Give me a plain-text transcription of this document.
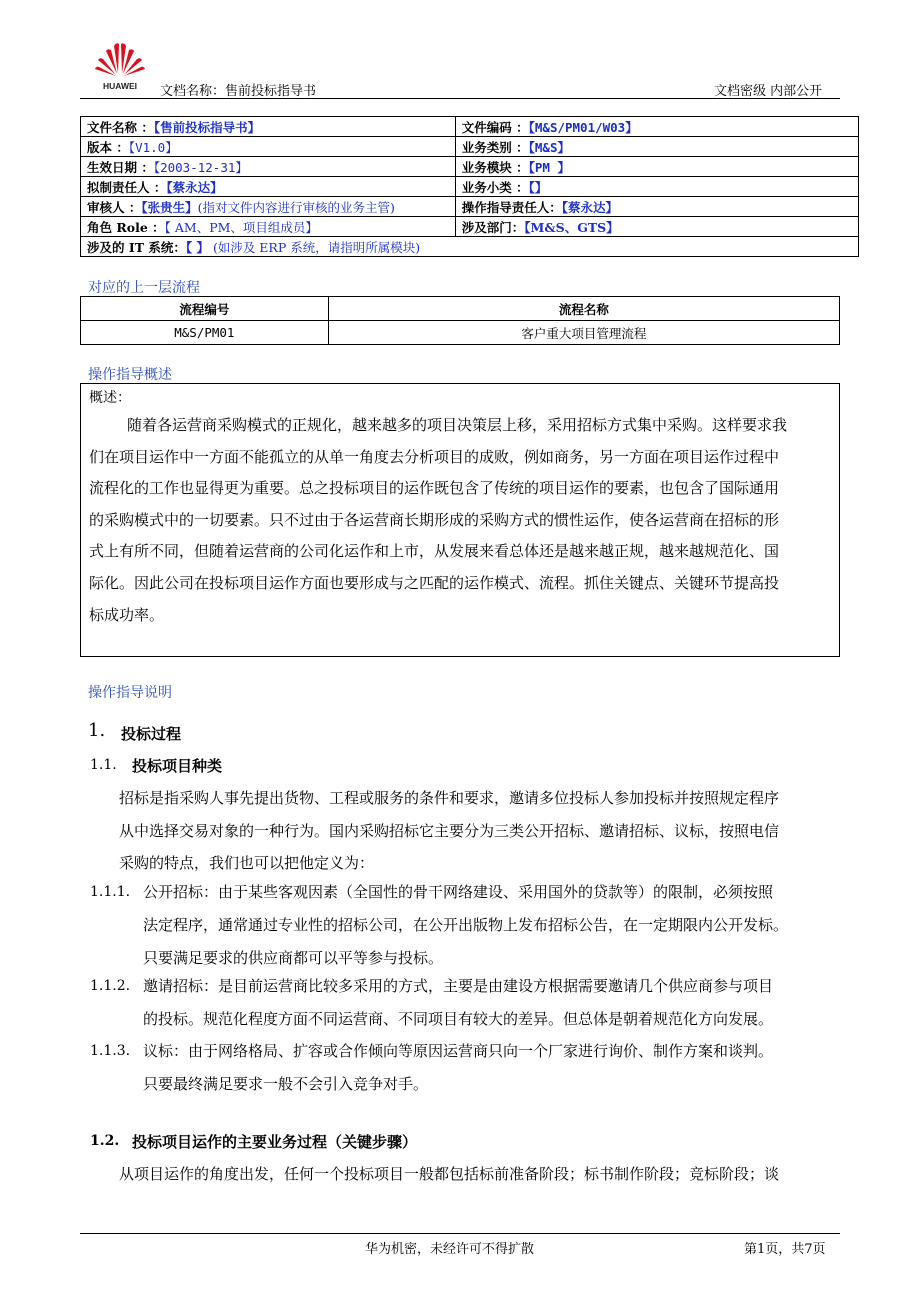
HUAWEI 文档名称：售前投标指导书	文档密级 内部公开
文件名称 ：【售前投标指导书】	文件编码 ：【M&S/PM01/W03】
版本 ：【V1.0】	业务类别 ：【M&S】
生效日期 ：【2003-12-31】	业务模块 ：【PM 】
拟制责任人 ：【蔡永达】	业务小类 ：【】
审核人 ：【张贵生】(指对文件内容进行审核的业务主管)	操作指导责任人：【蔡永达】
角色 Role ：【 AM、PM、项目组成员】	涉及部门：【M&S、GTS】
涉及的 IT 系统：【 】 (如涉及 ERP 系统，请指明所属模块)	
对应的上一层流程
流程编号	流程名称
M&S/PM01	客户重大项目管理流程
操作指导概述
概述：
随着各运营商采购模式的正规化，越来越多的项目决策层上移，采用招标方式集中采购。这样要求我
们在项目运作中一方面不能孤立的从单一角度去分析项目的成败，例如商务，另一方面在项目运作过程中
流程化的工作也显得更为重要。总之投标项目的运作既包含了传统的项目运作的要素，也包含了国际通用
的采购模式中的一切要素。只不过由于各运营商长期形成的采购方式的惯性运作，使各运营商在招标的形
式上有所不同，但随着运营商的公司化运作和上市，从发展来看总体还是越来越正规，越来越规范化、国
际化。因此公司在投标项目运作方面也要形成与之匹配的运作模式、流程。抓住关键点、关键环节提高投
标成功率。
操作指导说明
1. 投标过程
1.1. 投标项目种类
招标是指采购人事先提出货物、工程或服务的条件和要求，邀请多位投标人参加投标并按照规定程序
从中选择交易对象的一种行为。国内采购招标它主要分为三类公开招标、邀请招标、议标，按照电信
采购的特点，我们也可以把他定义为：
1.1.1. 公开招标：由于某些客观因素（全国性的骨干网络建设、采用国外的贷款等）的限制，必须按照
法定程序，通常通过专业性的招标公司，在公开出版物上发布招标公告，在一定期限内公开发标。
只要满足要求的供应商都可以平等参与投标。
1.1.2. 邀请招标：是目前运营商比较多采用的方式，主要是由建设方根据需要邀请几个供应商参与项目
的投标。规范化程度方面不同运营商、不同项目有较大的差异。但总体是朝着规范化方向发展。
1.1.3. 议标：由于网络格局、扩容或合作倾向等原因运营商只向一个厂家进行询价、制作方案和谈判。
只要最终满足要求一般不会引入竞争对手。
1.2. 投标项目运作的主要业务过程（关键步骤）
从项目运作的角度出发，任何一个投标项目一般都包括标前准备阶段；标书制作阶段；竞标阶段；谈
华为机密，未经许可不得扩散	第1页，共7页
